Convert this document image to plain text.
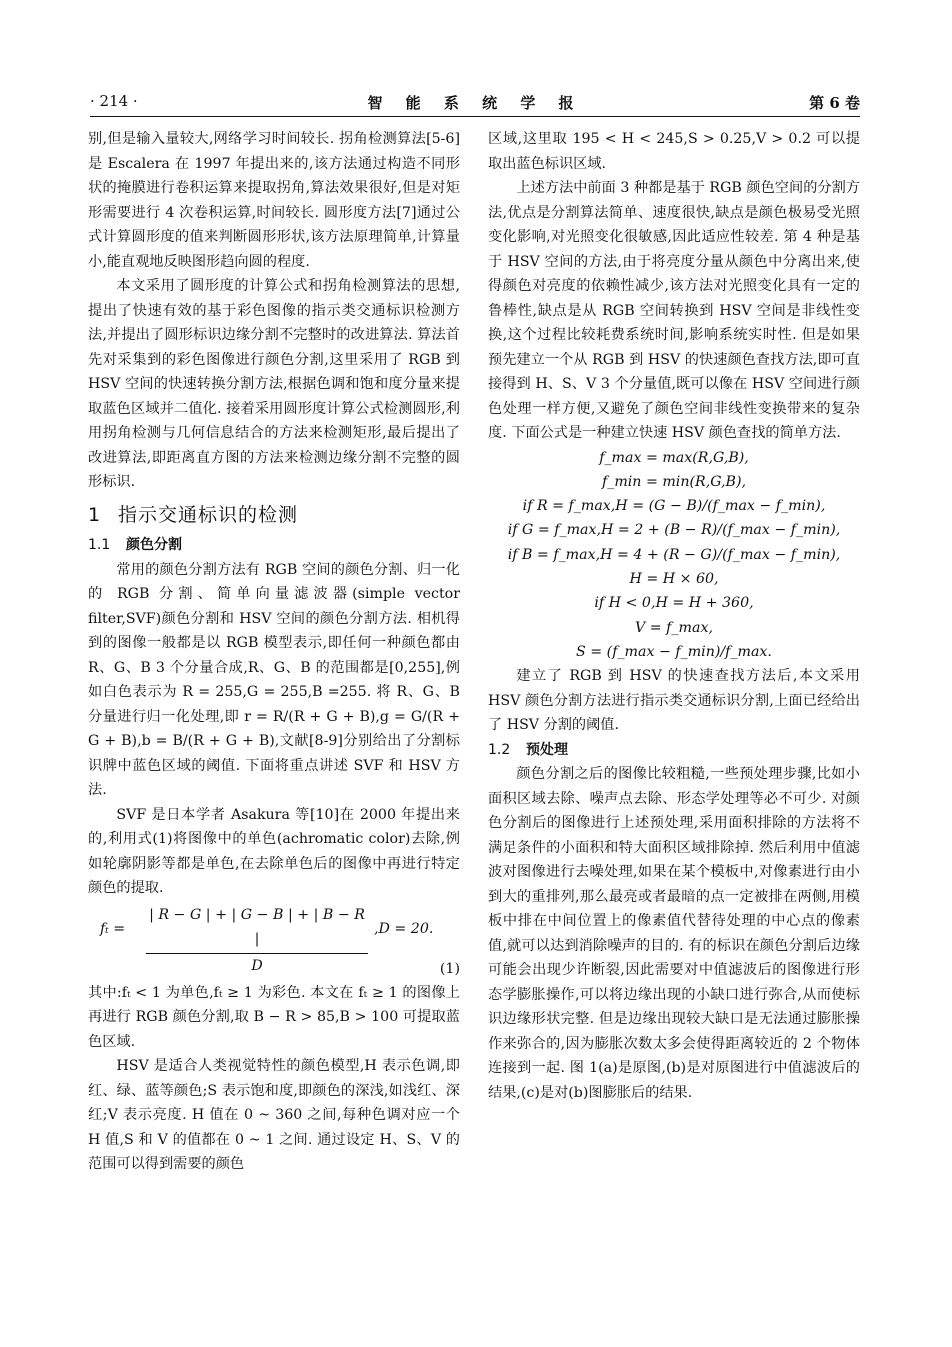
· 214 ·	智 能 系 统 学 报	第 6 卷

别,但是输入量较大,网络学习时间较长. 拐角检测算法[5-6]是 Escalera 在 1997 年提出来的,该方法通过构造不同形状的掩膜进行卷积运算来提取拐角,算法效果很好,但是对矩形需要进行 4 次卷积运算,时间较长. 圆形度方法[7]通过公式计算圆形度的值来判断圆形形状,该方法原理简单,计算量小,能直观地反映图形趋向圆的程度.

本文采用了圆形度的计算公式和拐角检测算法的思想,提出了快速有效的基于彩色图像的指示类交通标识检测方法,并提出了圆形标识边缘分割不完整时的改进算法. 算法首先对采集到的彩色图像进行颜色分割,这里采用了 RGB 到 HSV 空间的快速转换分割方法,根据色调和饱和度分量来提取蓝色区域并二值化. 接着采用圆形度计算公式检测圆形,利用拐角检测与几何信息结合的方法来检测矩形,最后提出了改进算法,即距离直方图的方法来检测边缘分割不完整的圆形标识.

1 指示交通标识的检测
1.1 颜色分割

常用的颜色分割方法有 RGB 空间的颜色分割、归一化的 RGB 分割、简单向量滤波器(simple vector filter,SVF)颜色分割和 HSV 空间的颜色分割方法. 相机得到的图像一般都是以 RGB 模型表示,即任何一种颜色都由 R、G、B 3 个分量合成,R、G、B 的范围都是[0,255],例如白色表示为 R = 255,G = 255,B =255. 将 R、G、B 分量进行归一化处理,即 r = R/(R + G + B),g = G/(R + G + B),b = B/(R + G + B),文献[8-9]分别给出了分割标识牌中蓝色区域的阈值. 下面将重点讲述 SVF 和 HSV 方法.

SVF 是日本学者 Asakura 等[10]在 2000 年提出来的,利用式(1)将图像中的单色(achromatic color)去除,例如轮廓阴影等都是单色,在去除单色后的图像中再进行特定颜色的提取.

$f_t = \frac{| R - G | + | G - B | + | B - R |}{D} ,D = 20$.
(1)

其中:fₜ < 1 为单色,fₜ ≥ 1 为彩色. 本文在 fₜ ≥ 1 的图像上再进行 RGB 颜色分割,取 B − R > 85,B > 100 可提取蓝色区域.

HSV 是适合人类视觉特性的颜色模型,H 表示色调,即红、绿、蓝等颜色;S 表示饱和度,即颜色的深浅,如浅红、深红;V 表示亮度. H 值在 0 ~ 360 之间,每种色调对应一个 H 值,S 和 V 的值都在 0 ~ 1 之间. 通过设定 H、S、V 的范围可以得到需要的颜色

区域,这里取 195 < H < 245,S > 0.25,V > 0.2 可以提取出蓝色标识区域.

上述方法中前面 3 种都是基于 RGB 颜色空间的分割方法,优点是分割算法简单、速度很快,缺点是颜色极易受光照变化影响,对光照变化很敏感,因此适应性较差. 第 4 种是基于 HSV 空间的方法,由于将亮度分量从颜色中分离出来,使得颜色对亮度的依赖性减少,该方法对光照变化具有一定的鲁棒性,缺点是从 RGB 空间转换到 HSV 空间是非线性变换,这个过程比较耗费系统时间,影响系统实时性. 但是如果预先建立一个从 RGB 到 HSV 的快速颜色查找方法,即可直接得到 H、S、V 3 个分量值,既可以像在 HSV 空间进行颜色处理一样方便,又避免了颜色空间非线性变换带来的复杂度. 下面公式是一种建立快速 HSV 颜色查找的简单方法.

f_max = max(R,G,B),
f_min = min(R,G,B),
if R = f_max,H = (G − B)/(f_max − f_min),
if G = f_max,H = 2 + (B − R)/(f_max − f_min),
if B = f_max,H = 4 + (R − G)/(f_max − f_min),
H = H × 60,
if H < 0,H = H + 360,
V = f_max,
S = (f_max − f_min)/f_max.

建立了 RGB 到 HSV 的快速查找方法后,本文采用 HSV 颜色分割方法进行指示类交通标识分割,上面已经给出了 HSV 分割的阈值.

1.2 预处理

颜色分割之后的图像比较粗糙,一些预处理步骤,比如小面积区域去除、噪声点去除、形态学处理等必不可少. 对颜色分割后的图像进行上述预处理,采用面积排除的方法将不满足条件的小面积和特大面积区域排除掉. 然后利用中值滤波对图像进行去噪处理,如果在某个模板中,对像素进行由小到大的重排列,那么最亮或者最暗的点一定被排在两侧,用模板中排在中间位置上的像素值代替待处理的中心点的像素值,就可以达到消除噪声的目的. 有的标识在颜色分割后边缘可能会出现少许断裂,因此需要对中值滤波后的图像进行形态学膨胀操作,可以将边缘出现的小缺口进行弥合,从而使标识边缘形状完整. 但是边缘出现较大缺口是无法通过膨胀操作来弥合的,因为膨胀次数太多会使得距离较近的 2 个物体连接到一起. 图 1(a)是原图,(b)是对原图进行中值滤波后的结果,(c)是对(b)图膨胀后的结果.
